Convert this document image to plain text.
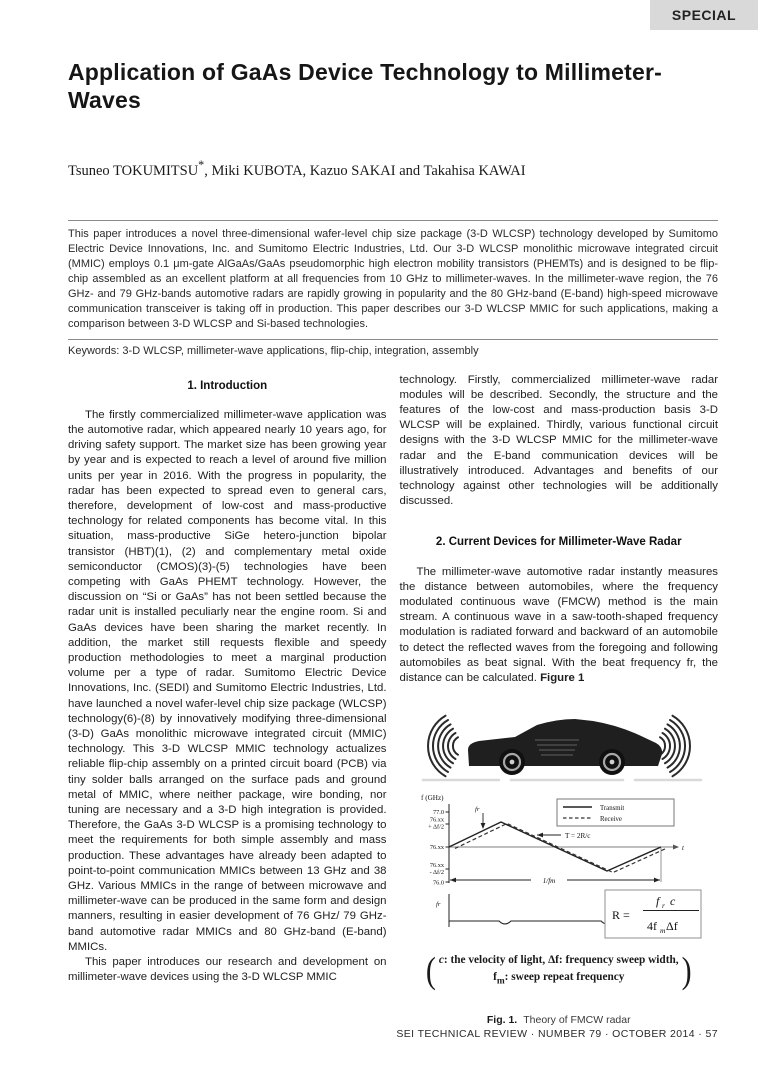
SPECIAL
Application of GaAs Device Technology to Millimeter-Waves
Tsuneo TOKUMITSU*, Miki KUBOTA, Kazuo SAKAI and Takahisa KAWAI
This paper introduces a novel three-dimensional wafer-level chip size package (3-D WLCSP) technology developed by Sumitomo Electric Device Innovations, Inc. and Sumitomo Electric Industries, Ltd. Our 3-D WLCSP monolithic microwave integrated circuit (MMIC) employs 0.1 μm-gate AlGaAs/GaAs pseudomorphic high electron mobility transistors (PHEMTs) and is designed to be flip-chip assembled as an excellent platform at all frequencies from 10 GHz to millimeter-waves. In the millimeter-wave region, the 76 GHz- and 79 GHz-bands automotive radars are rapidly growing in popularity and the 80 GHz-band (E-band) high-speed microwave communication transceiver is taking off in production. This paper describes our 3-D WLCSP MMIC for such applications, making a comparison between 3-D WLCSP and Si-based technologies.
Keywords: 3-D WLCSP, millimeter-wave applications, flip-chip, integration, assembly
1. Introduction

The firstly commercialized millimeter-wave application was the automotive radar, which appeared nearly 10 years ago, for driving safety support. The market size has been growing year by year and is expected to reach a level of around five million units per year in 2016. With the progress in popularity, the radar has been expected to spread even to general cars, therefore, development of low-cost and mass-productive technology for related components has become vital. In this situation, mass-productive SiGe hetero-junction bipolar transistor (HBT)(1), (2) and complementary metal oxide semiconductor (CMOS)(3)-(5) technologies have been competing with GaAs PHEMT technology. However, the discussion on “Si or GaAs” has not been settled because the radar unit is installed peculiarly near the engine room. Si and GaAs devices have been sharing the market recently. In addition, the market still requests flexible and speedy production methodologies to meet a marginal production volume per a type of radar. Sumitomo Electric Device Innovations, Inc. (SEDI) and Sumitomo Electric Industries, Ltd. have launched a novel wafer-level chip size package (WLCSP) technology(6)-(8) by innovatively modifying three-dimensional (3-D) GaAs monolithic microwave integrated circuit (MMIC) technology. This 3-D WLCSP MMIC technology actualizes reliable flip-chip assembly on a printed circuit board (PCB) via tiny solder balls arranged on the surface pads and ground metal of MMIC, where neither package, wire bonding, nor tuning are necessary and a 3-D high integration is provided. Therefore, the GaAs 3-D WLCSP is a promising technology to meet the requirements for both simple assembly and mass production. These advantages have already been adapted to point-to-point communication MMICs between 13 GHz and 38 GHz. Various MMICs in the range of between microwave and millimeter-wave can be produced in the same form and design manners, resulting in easier development of 76 GHz/ 79 GHz-band automotive radar MMICs and 80 GHz-band (E-band) MMICs.

This paper introduces our research and development on millimeter-wave devices using the 3-D WLCSP MMIC

technology. Firstly, commercialized millimeter-wave radar modules will be described. Secondly, the structure and the features of the low-cost and mass-production basis 3-D WLCSP will be explained. Thirdly, various functional circuit designs with the 3-D WLCSP MMIC for the millimeter-wave radar and the E-band communication devices will be illustratively introduced. Advantages and benefits of our technology against other technologies will be additionally discussed.

2. Current Devices for Millimeter-Wave Radar

The millimeter-wave automotive radar instantly measures the distance between automobiles, where the frequency modulated continuous wave (FMCW) method is the main stream. A continuous wave in a saw-tooth-shaped frequency modulation is radiated forward and backward of an automobile to detect the reflected waves from the foregoing and following automobiles as beat signal. With the beat frequency fr, the distance can be calculated. Figure 1

f (GHz)
77.0
76.xx
+ Δf/2
76.xx
76.xx
- Δf/2
76.0
t
fr
T = 2R/c
Transmit
Receive
1/fm
fr
R =
f r c
4f m Δf
( c: the velocity of light, Δf: frequency sweep width,
$f_m$: sweep repeat frequency	)
Fig. 1. Theory of FMCW radar
SEI TECHNICAL REVIEW · NUMBER 79 · OCTOBER 2014 · 57
